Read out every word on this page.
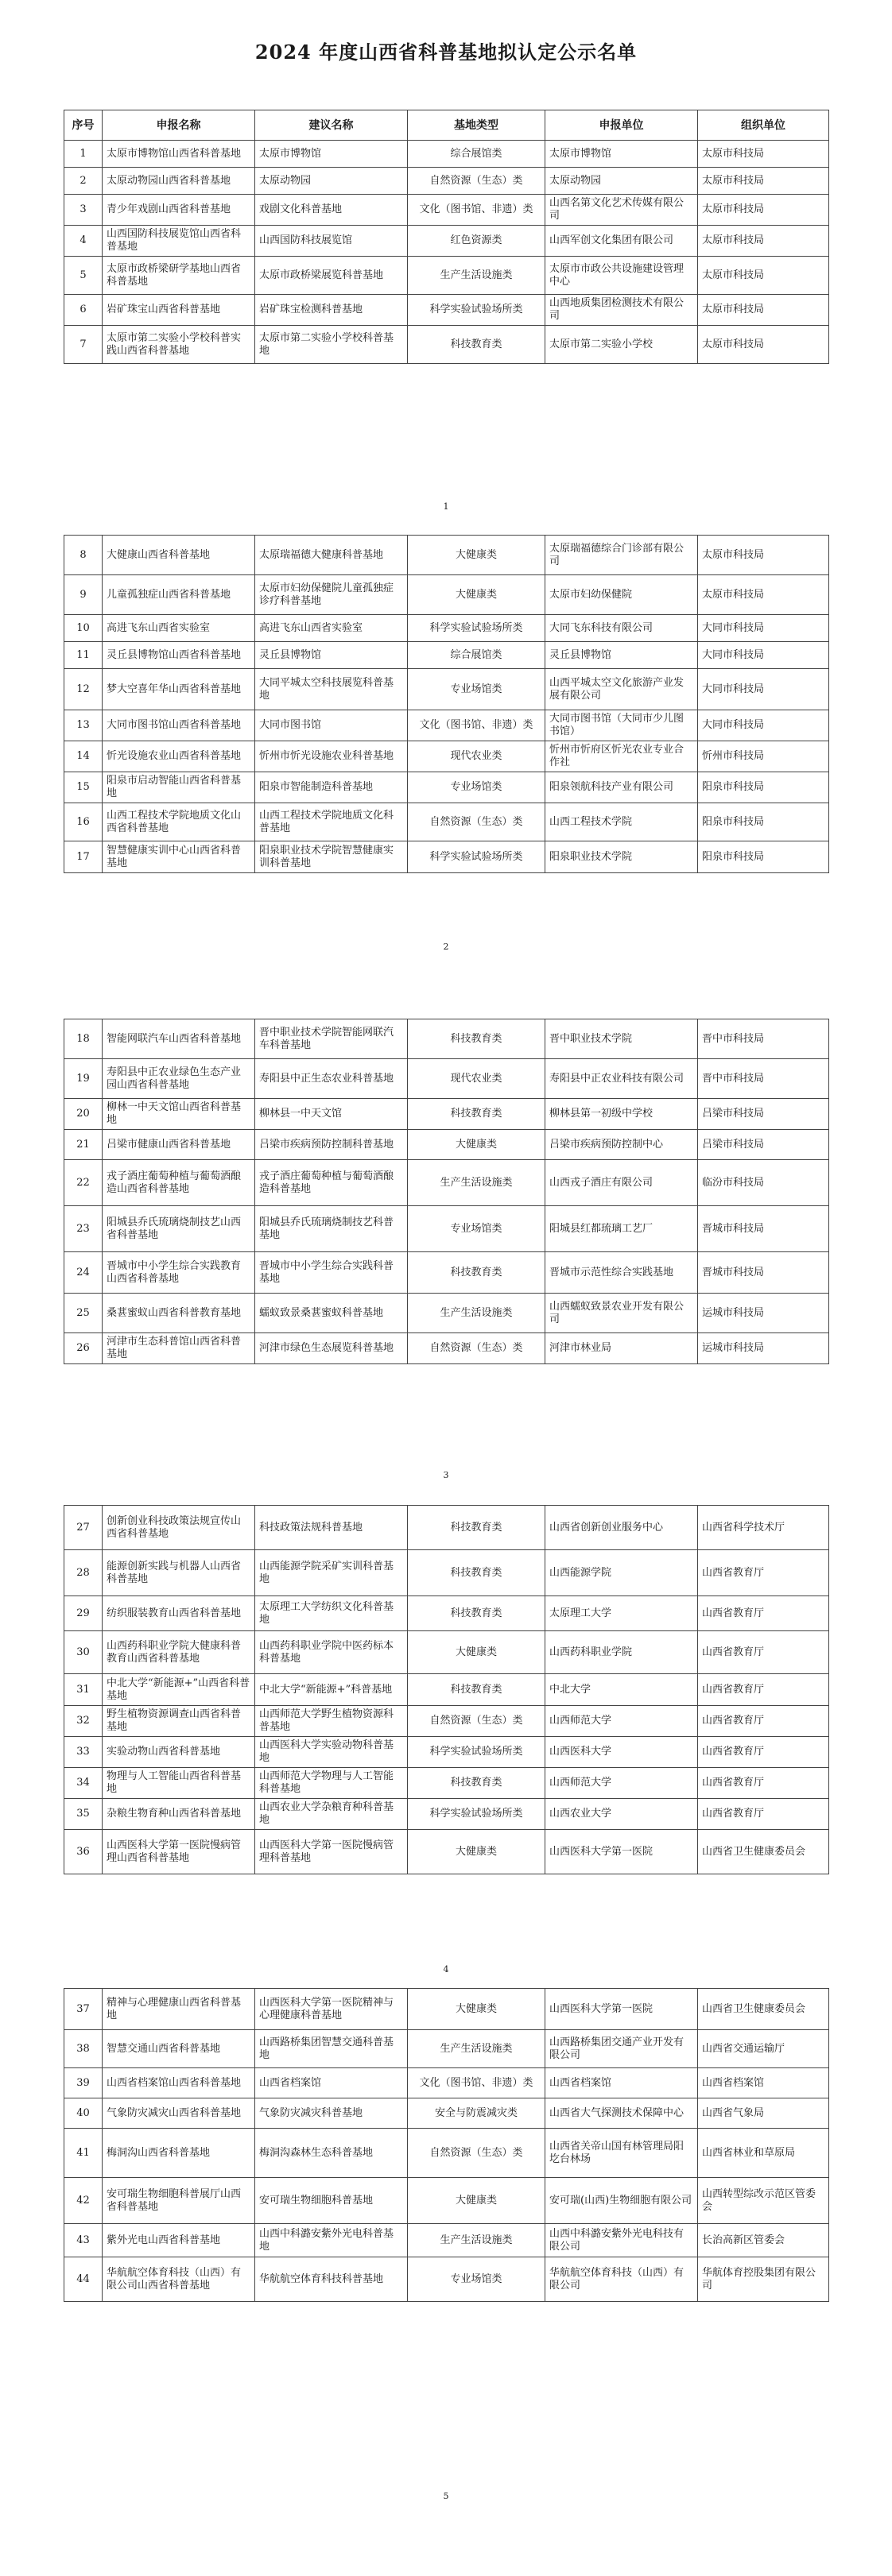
2024 年度山西省科普基地拟认定公示名单
序号	申报名称	建议名称	基地类型	申报单位	组织单位
1	太原市博物馆山西省科普基地	太原市博物馆	综合展馆类	太原市博物馆	太原市科技局
2	太原动物园山西省科普基地	太原动物园	自然资源（生态）类	太原动物园	太原市科技局
3	青少年戏剧山西省科普基地	戏剧文化科普基地	文化（图书馆、非遗）类	山西名第文化艺术传媒有限公司	太原市科技局
4	山西国防科技展览馆山西省科普基地	山西国防科技展览馆	红色资源类	山西军创文化集团有限公司	太原市科技局
5	太原市政桥梁研学基地山西省科普基地	太原市政桥梁展览科普基地	生产生活设施类	太原市市政公共设施建设管理中心	太原市科技局
6	岩矿珠宝山西省科普基地	岩矿珠宝检测科普基地	科学实验试验场所类	山西地质集团检测技术有限公司	太原市科技局
7	太原市第二实验小学校科普实践山西省科普基地	太原市第二实验小学校科普基地	科技教育类	太原市第二实验小学校	太原市科技局
1
8	大健康山西省科普基地	太原瑞福德大健康科普基地	大健康类	太原瑞福德综合门诊部有限公司	太原市科技局
9	儿童孤独症山西省科普基地	太原市妇幼保健院儿童孤独症诊疗科普基地	大健康类	太原市妇幼保健院	太原市科技局
10	高进飞东山西省实验室	高进飞东山西省实验室	科学实验试验场所类	大同飞东科技有限公司	大同市科技局
11	灵丘县博物馆山西省科普基地	灵丘县博物馆	综合展馆类	灵丘县博物馆	大同市科技局
12	梦大空喜年华山西省科普基地	大同平城太空科技展览科普基地	专业场馆类	山西平城太空文化旅游产业发展有限公司	大同市科技局
13	大同市图书馆山西省科普基地	大同市图书馆	文化（图书馆、非遗）类	大同市图书馆（大同市少儿图书馆）	大同市科技局
14	忻光设施农业山西省科普基地	忻州市忻光设施农业科普基地	现代农业类	忻州市忻府区忻光农业专业合作社	忻州市科技局
15	阳泉市启动智能山西省科普基地	阳泉市智能制造科普基地	专业场馆类	阳泉领航科技产业有限公司	阳泉市科技局
16	山西工程技术学院地质文化山西省科普基地	山西工程技术学院地质文化科普基地	自然资源（生态）类	山西工程技术学院	阳泉市科技局
17	智慧健康实训中心山西省科普基地	阳泉职业技术学院智慧健康实训科普基地	科学实验试验场所类	阳泉职业技术学院	阳泉市科技局
2
18	智能网联汽车山西省科普基地	晋中职业技术学院智能网联汽车科普基地	科技教育类	晋中职业技术学院	晋中市科技局
19	寿阳县中正农业绿色生态产业园山西省科普基地	寿阳县中正生态农业科普基地	现代农业类	寿阳县中正农业科技有限公司	晋中市科技局
20	柳林一中天文馆山西省科普基地	柳林县一中天文馆	科技教育类	柳林县第一初级中学校	吕梁市科技局
21	吕梁市健康山西省科普基地	吕梁市疾病预防控制科普基地	大健康类	吕梁市疾病预防控制中心	吕梁市科技局
22	戎子酒庄葡萄种植与葡萄酒酿造山西省科普基地	戎子酒庄葡萄种植与葡萄酒酿造科普基地	生产生活设施类	山西戎子酒庄有限公司	临汾市科技局
23	阳城县乔氏琉璃烧制技艺山西省科普基地	阳城县乔氏琉璃烧制技艺科普基地	专业场馆类	阳城县红都琉璃工艺厂	晋城市科技局
24	晋城市中小学生综合实践教育山西省科普基地	晋城市中小学生综合实践科普基地	科技教育类	晋城市示范性综合实践基地	晋城市科技局
25	桑葚蜜蚁山西省科普教育基地	蠕蚁致景桑葚蜜蚁科普基地	生产生活设施类	山西蠕蚁致景农业开发有限公司	运城市科技局
26	河津市生态科普馆山西省科普基地	河津市绿色生态展览科普基地	自然资源（生态）类	河津市林业局	运城市科技局
3
27	创新创业科技政策法规宣传山西省科普基地	科技政策法规科普基地	科技教育类	山西省创新创业服务中心	山西省科学技术厅
28	能源创新实践与机器人山西省科普基地	山西能源学院采矿实训科普基地	科技教育类	山西能源学院	山西省教育厅
29	纺织服装教育山西省科普基地	太原理工大学纺织文化科普基地	科技教育类	太原理工大学	山西省教育厅
30	山西药科职业学院大健康科普教育山西省科普基地	山西药科职业学院中医药标本科普基地	大健康类	山西药科职业学院	山西省教育厅
31	中北大学“新能源+”山西省科普基地	中北大学“新能源+”科普基地	科技教育类	中北大学	山西省教育厅
32	野生植物资源调查山西省科普基地	山西师范大学野生植物资源科普基地	自然资源（生态）类	山西师范大学	山西省教育厅
33	实验动物山西省科普基地	山西医科大学实验动物科普基地	科学实验试验场所类	山西医科大学	山西省教育厅
34	物理与人工智能山西省科普基地	山西师范大学物理与人工智能科普基地	科技教育类	山西师范大学	山西省教育厅
35	杂粮生物育种山西省科普基地	山西农业大学杂粮育种科普基地	科学实验试验场所类	山西农业大学	山西省教育厅
36	山西医科大学第一医院慢病管理山西省科普基地	山西医科大学第一医院慢病管理科普基地	大健康类	山西医科大学第一医院	山西省卫生健康委员会
4
37	精神与心理健康山西省科普基地	山西医科大学第一医院精神与心理健康科普基地	大健康类	山西医科大学第一医院	山西省卫生健康委员会
38	智慧交通山西省科普基地	山西路桥集团智慧交通科普基地	生产生活设施类	山西路桥集团交通产业开发有限公司	山西省交通运输厅
39	山西省档案馆山西省科普基地	山西省档案馆	文化（图书馆、非遗）类	山西省档案馆	山西省档案馆
40	气象防灾减灾山西省科普基地	气象防灾减灾科普基地	安全与防震减灾类	山西省大气探测技术保障中心	山西省气象局
41	梅洞沟山西省科普基地	梅洞沟森林生态科普基地	自然资源（生态）类	山西省关帝山国有林管理局阳圪台林场	山西省林业和草原局
42	安可瑞生物细胞科普展厅山西省科普基地	安可瑞生物细胞科普基地	大健康类	安可瑞(山西)生物细胞有限公司	山西转型综改示范区管委会
43	紫外光电山西省科普基地	山西中科潞安紫外光电科普基地	生产生活设施类	山西中科潞安紫外光电科技有限公司	长治高新区管委会
44	华航航空体育科技（山西）有限公司山西省科普基地	华航航空体育科技科普基地	专业场馆类	华航航空体育科技（山西）有限公司	华航体育控股集团有限公司
5
